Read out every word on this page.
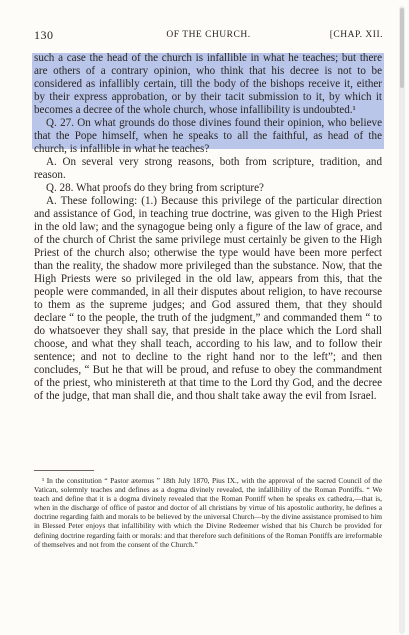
130	OF THE CHURCH.	[CHAP. XII.

such a case the head of the church is infallible in what he teaches; but there are others of a contrary opinion, who think that his decree is not to be considered as infallibly certain, till the body of the bishops receive it, either by their express approbation, or by their tacit submission to it, by which it becomes a decree of the whole church, whose infallibility is undoubted.¹

Q. 27. On what grounds do those divines found their opinion, who believe that the Pope himself, when he speaks to all the faithful, as head of the church, is infallible in what he teaches?

A. On several very strong reasons, both from scripture, tradition, and reason.

Q. 28. What proofs do they bring from scripture?

A. These following: (1.) Because this privilege of the particular direction and assistance of God, in teaching true doctrine, was given to the High Priest in the old law; and the synagogue being only a figure of the law of grace, and of the church of Christ the same privilege must certainly be given to the High Priest of the church also; otherwise the type would have been more perfect than the reality, the shadow more privileged than the substance. Now, that the High Priests were so privileged in the old law, appears from this, that the people were commanded, in all their disputes about religion, to have recourse to them as the supreme judges; and God assured them, that they should declare “ to the people, the truth of the judgment,” and commanded them “ to do whatsoever they shall say, that preside in the place which the Lord shall choose, and what they shall teach, according to his law, and to follow their sentence; and not to decline to the right hand nor to the left”; and then concludes, “ But he that will be proud, and refuse to obey the commandment of the priest, who ministereth at that time to the Lord thy God, and the decree of the judge, that man shall die, and thou shalt take away the evil from Israel.

¹ In the constitution “ Pastor æternus ” 18th July 1870, Pius IX., with the approval of the sacred Council of the Vatican, solemnly teaches and defines as a dogma divinely revealed, the infallibility of the Roman Pontiffs. “ We teach and define that it is a dogma divinely revealed that the Roman Pontiff when he speaks ex cathedra,—that is, when in the discharge of office of pastor and doctor of all christians by virtue of his apostolic authority, he defines a doctrine regarding faith and morals to be believed by the universal Church—by the divine assistance promised to him in Blessed Peter enjoys that infallibility with which the Divine Redeemer wished that his Church be provided for defining doctrine regarding faith or morals: and that therefore such definitions of the Roman Pontiffs are irreformable of themselves and not from the consent of the Church.”
